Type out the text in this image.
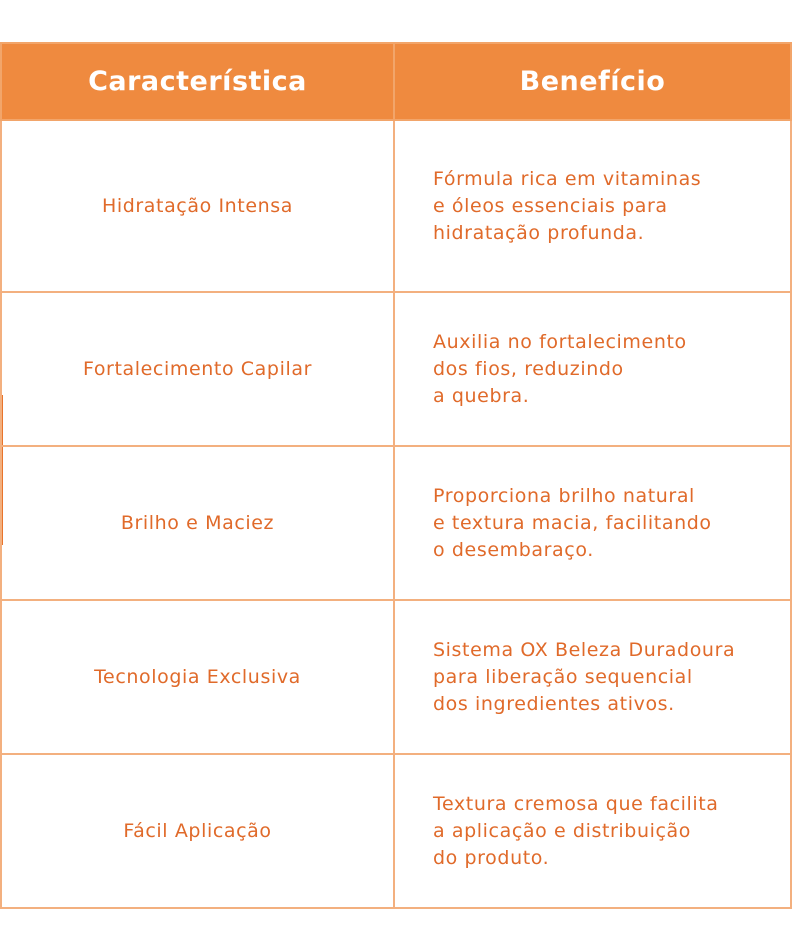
Característica	Benefício
Hidratação Intensa	Fórmula rica em vitaminas
e óleos essenciais para
hidratação profunda.
Fortalecimento Capilar	Auxilia no fortalecimento
dos fios, reduzindo
a quebra.
Brilho e Maciez	Proporciona brilho natural
e textura macia, facilitando
o desembaraço.
Tecnologia Exclusiva	Sistema OX Beleza Duradoura
para liberação sequencial
dos ingredientes ativos.
Fácil Aplicação	Textura cremosa que facilita
a aplicação e distribuição
do produto.
